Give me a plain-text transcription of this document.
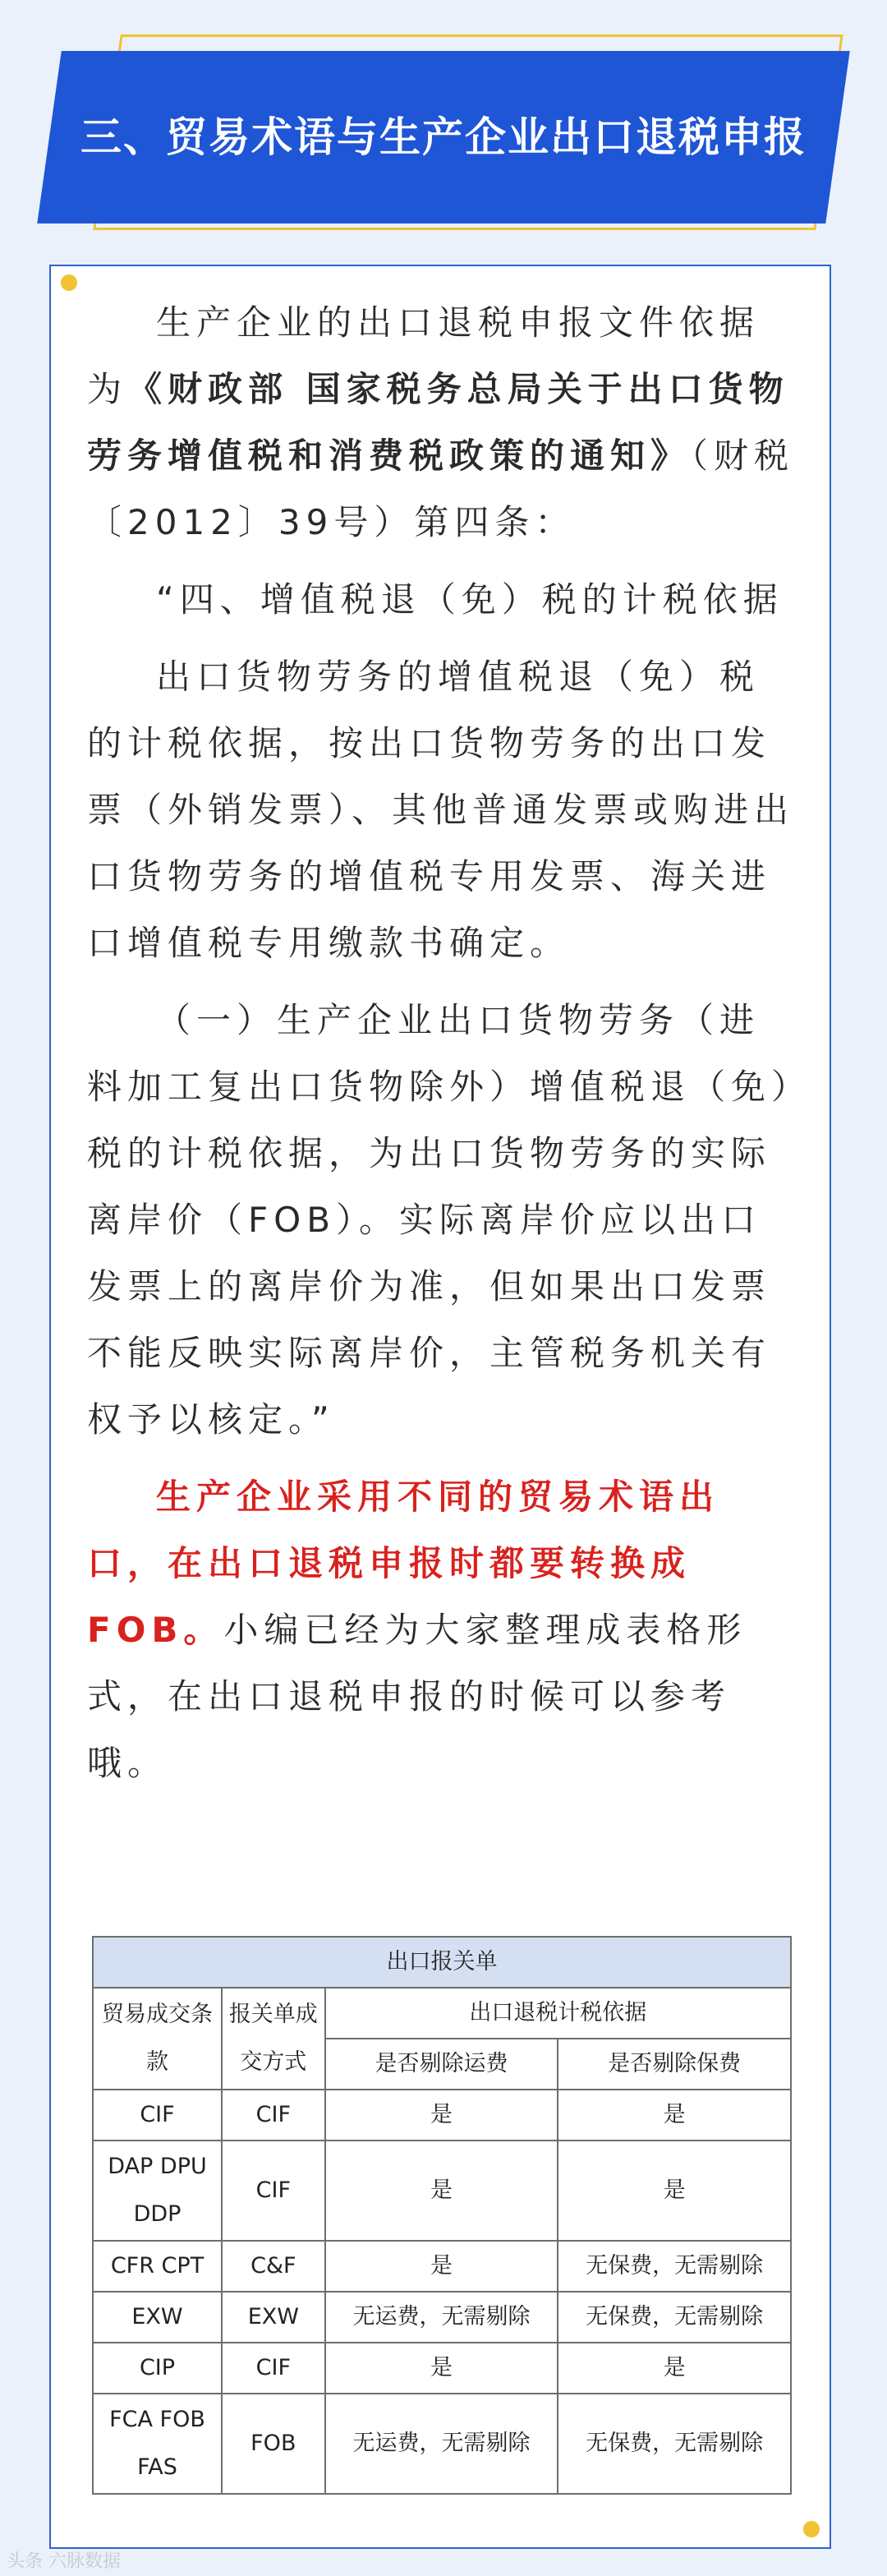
三、贸易术语与生产企业出口退税申报

生产企业的出口退税申报文件依据为《财政部 国家税务总局关于出口货物劳务增值税和消费税政策的通知》（财税〔2012〕39号）第四条：

“四、增值税退（免）税的计税依据

出口货物劳务的增值税退（免）税的计税依据，按出口货物劳务的出口发票（外销发票）、其他普通发票或购进出口货物劳务的增值税专用发票、海关进口增值税专用缴款书确定。

（一）生产企业出口货物劳务（进料加工复出口货物除外）增值税退（免）税的计税依据，为出口货物劳务的实际离岸价（FOB）。实际离岸价应以出口发票上的离岸价为准，但如果出口发票不能反映实际离岸价，主管税务机关有权予以核定。”

生产企业采用不同的贸易术语出口，在出口退税申报时都要转换成FOB。小编已经为大家整理成表格形式，在出口退税申报的时候可以参考哦。

出口报关单			
贸易成交条款	报关单成交方式	出口退税计税依据	
		是否剔除运费	是否剔除保费
CIF	CIF	是	是
DAP DPU DDP	CIF	是	是
CFR CPT	C&F	是	无保费，无需剔除
EXW	EXW	无运费，无需剔除	无保费，无需剔除
CIP	CIF	是	是
FCA FOB FAS	FOB	无运费，无需剔除	无保费，无需剔除
头条 六脉数据
